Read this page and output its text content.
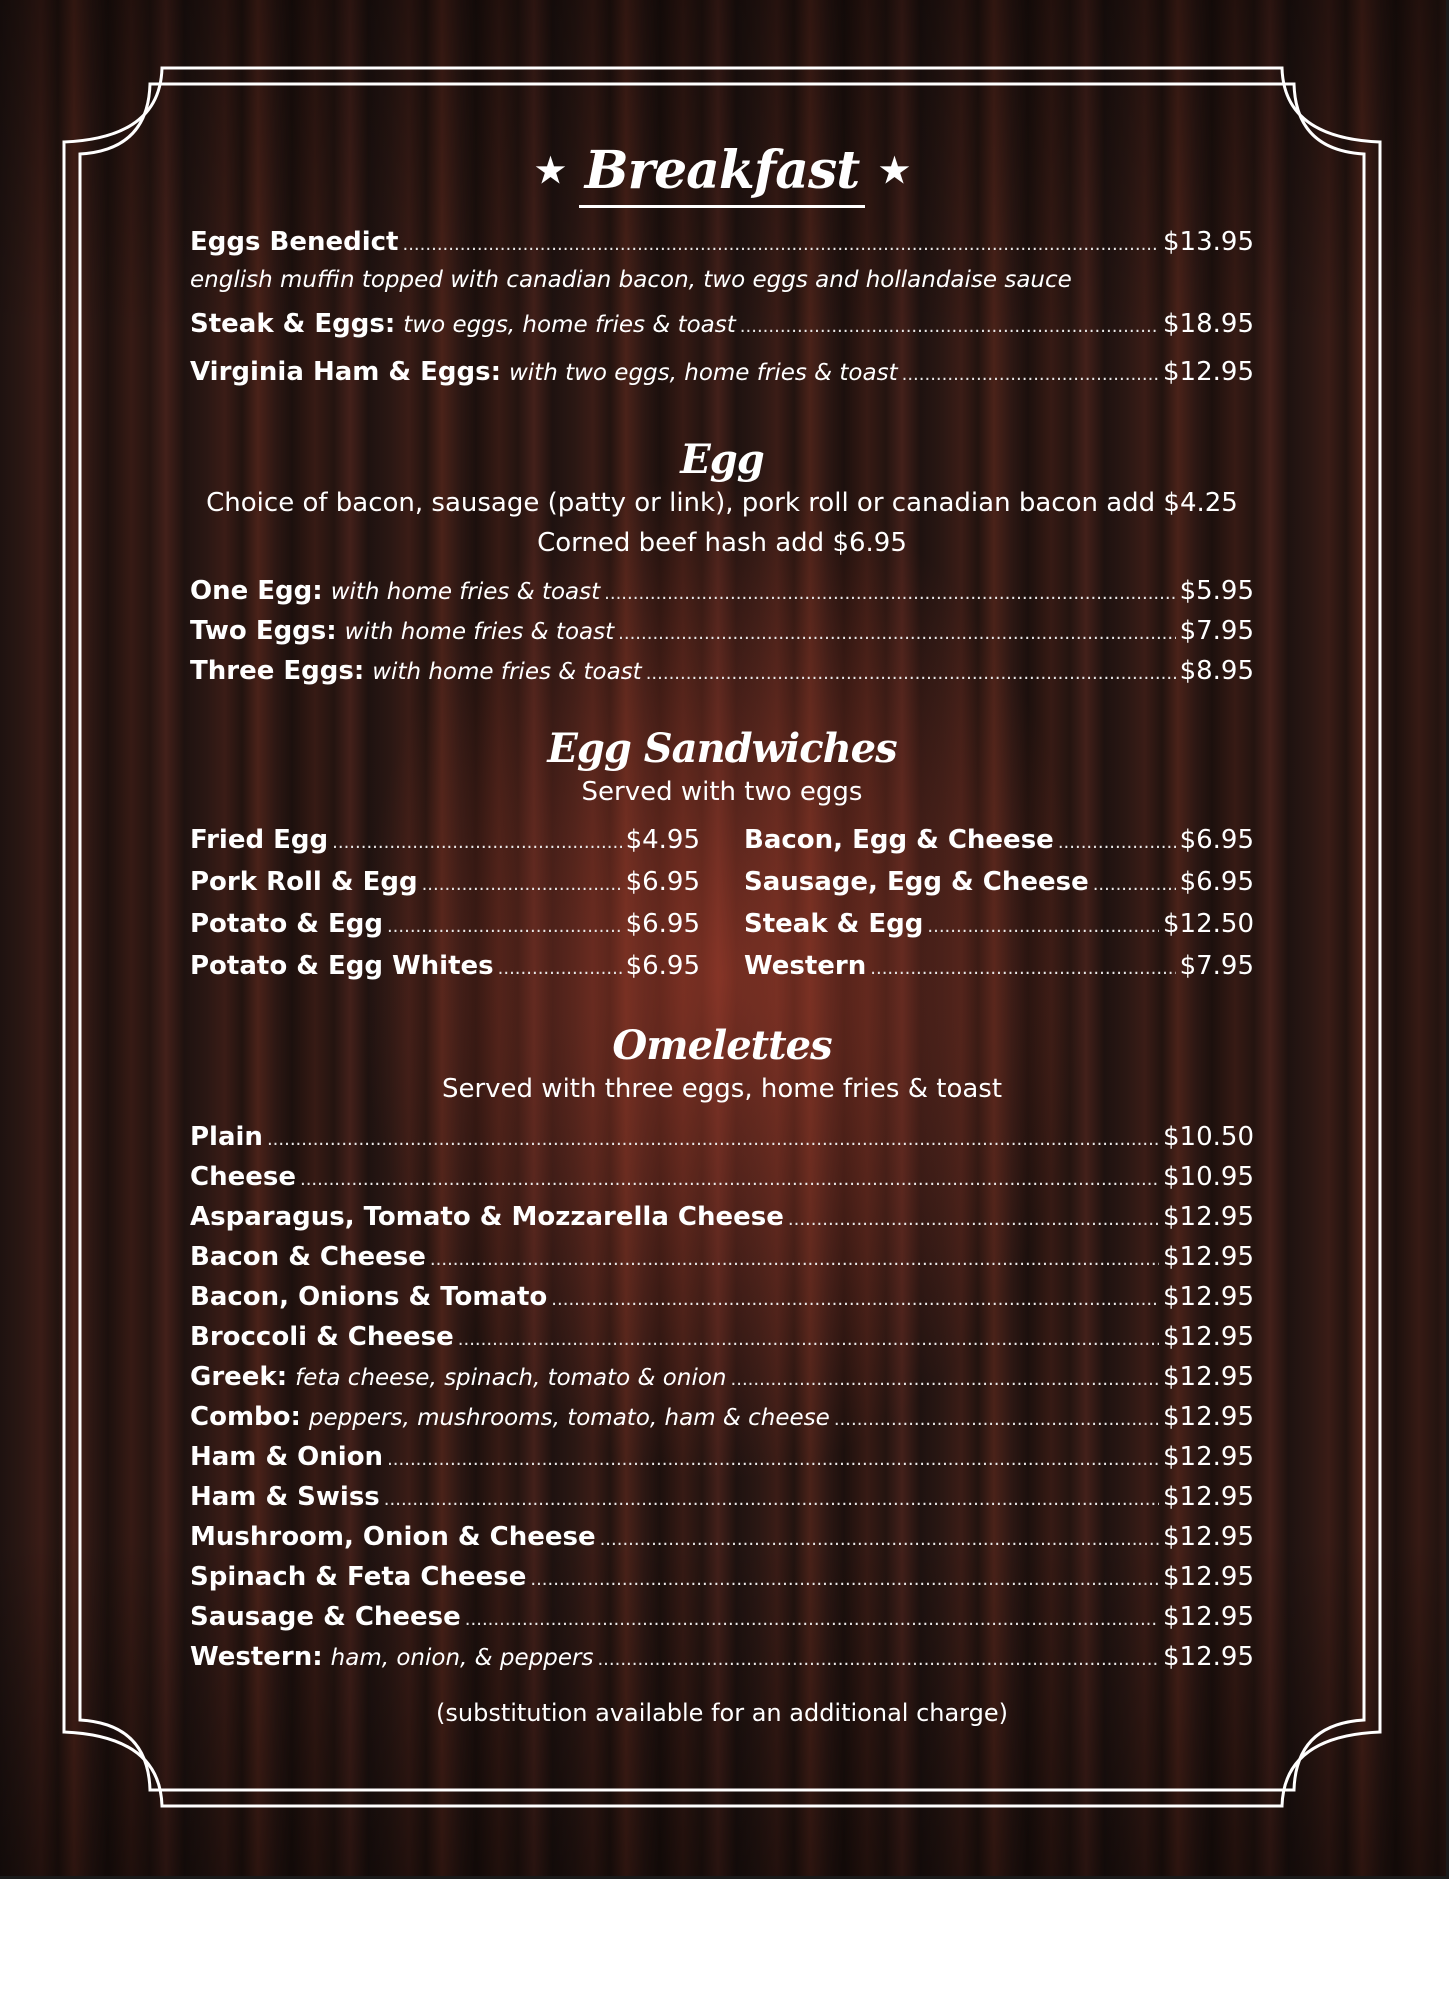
★ Breakfast ★
Eggs Benedict .....	$13.95
english muffin topped with canadian bacon, two eggs and hollandaise sauce
Steak & Eggs: two eggs, home fries & toast .....	$18.95
Virginia Ham & Eggs: with two eggs, home fries & toast .....	$12.95
Egg
Choice of bacon, sausage (patty or link), pork roll or canadian bacon add $4.25
Corned beef hash add $6.95
One Egg: with home fries & toast .....	$5.95
Two Eggs: with home fries & toast .....	$7.95
Three Eggs: with home fries & toast .....	$8.95
Egg Sandwiches
Served with two eggs
Fried Egg .....	$4.95
Pork Roll & Egg .....	$6.95
Potato & Egg .....	$6.95
Potato & Egg Whites .....	$6.95
Bacon, Egg & Cheese .....	$6.95
Sausage, Egg & Cheese .....	$6.95
Steak & Egg .....	$12.50
Western .....	$7.95
Omelettes
Served with three eggs, home fries & toast
Plain .....	$10.50
Cheese .....	$10.95
Asparagus, Tomato & Mozzarella Cheese .....	$12.95
Bacon & Cheese .....	$12.95
Bacon, Onions & Tomato .....	$12.95
Broccoli & Cheese .....	$12.95
Greek: feta cheese, spinach, tomato & onion .....	$12.95
Combo: peppers, mushrooms, tomato, ham & cheese .....	$12.95
Ham & Onion .....	$12.95
Ham & Swiss .....	$12.95
Mushroom, Onion & Cheese .....	$12.95
Spinach & Feta Cheese .....	$12.95
Sausage & Cheese .....	$12.95
Western: ham, onion, & peppers .....	$12.95
(substitution available for an additional charge)
